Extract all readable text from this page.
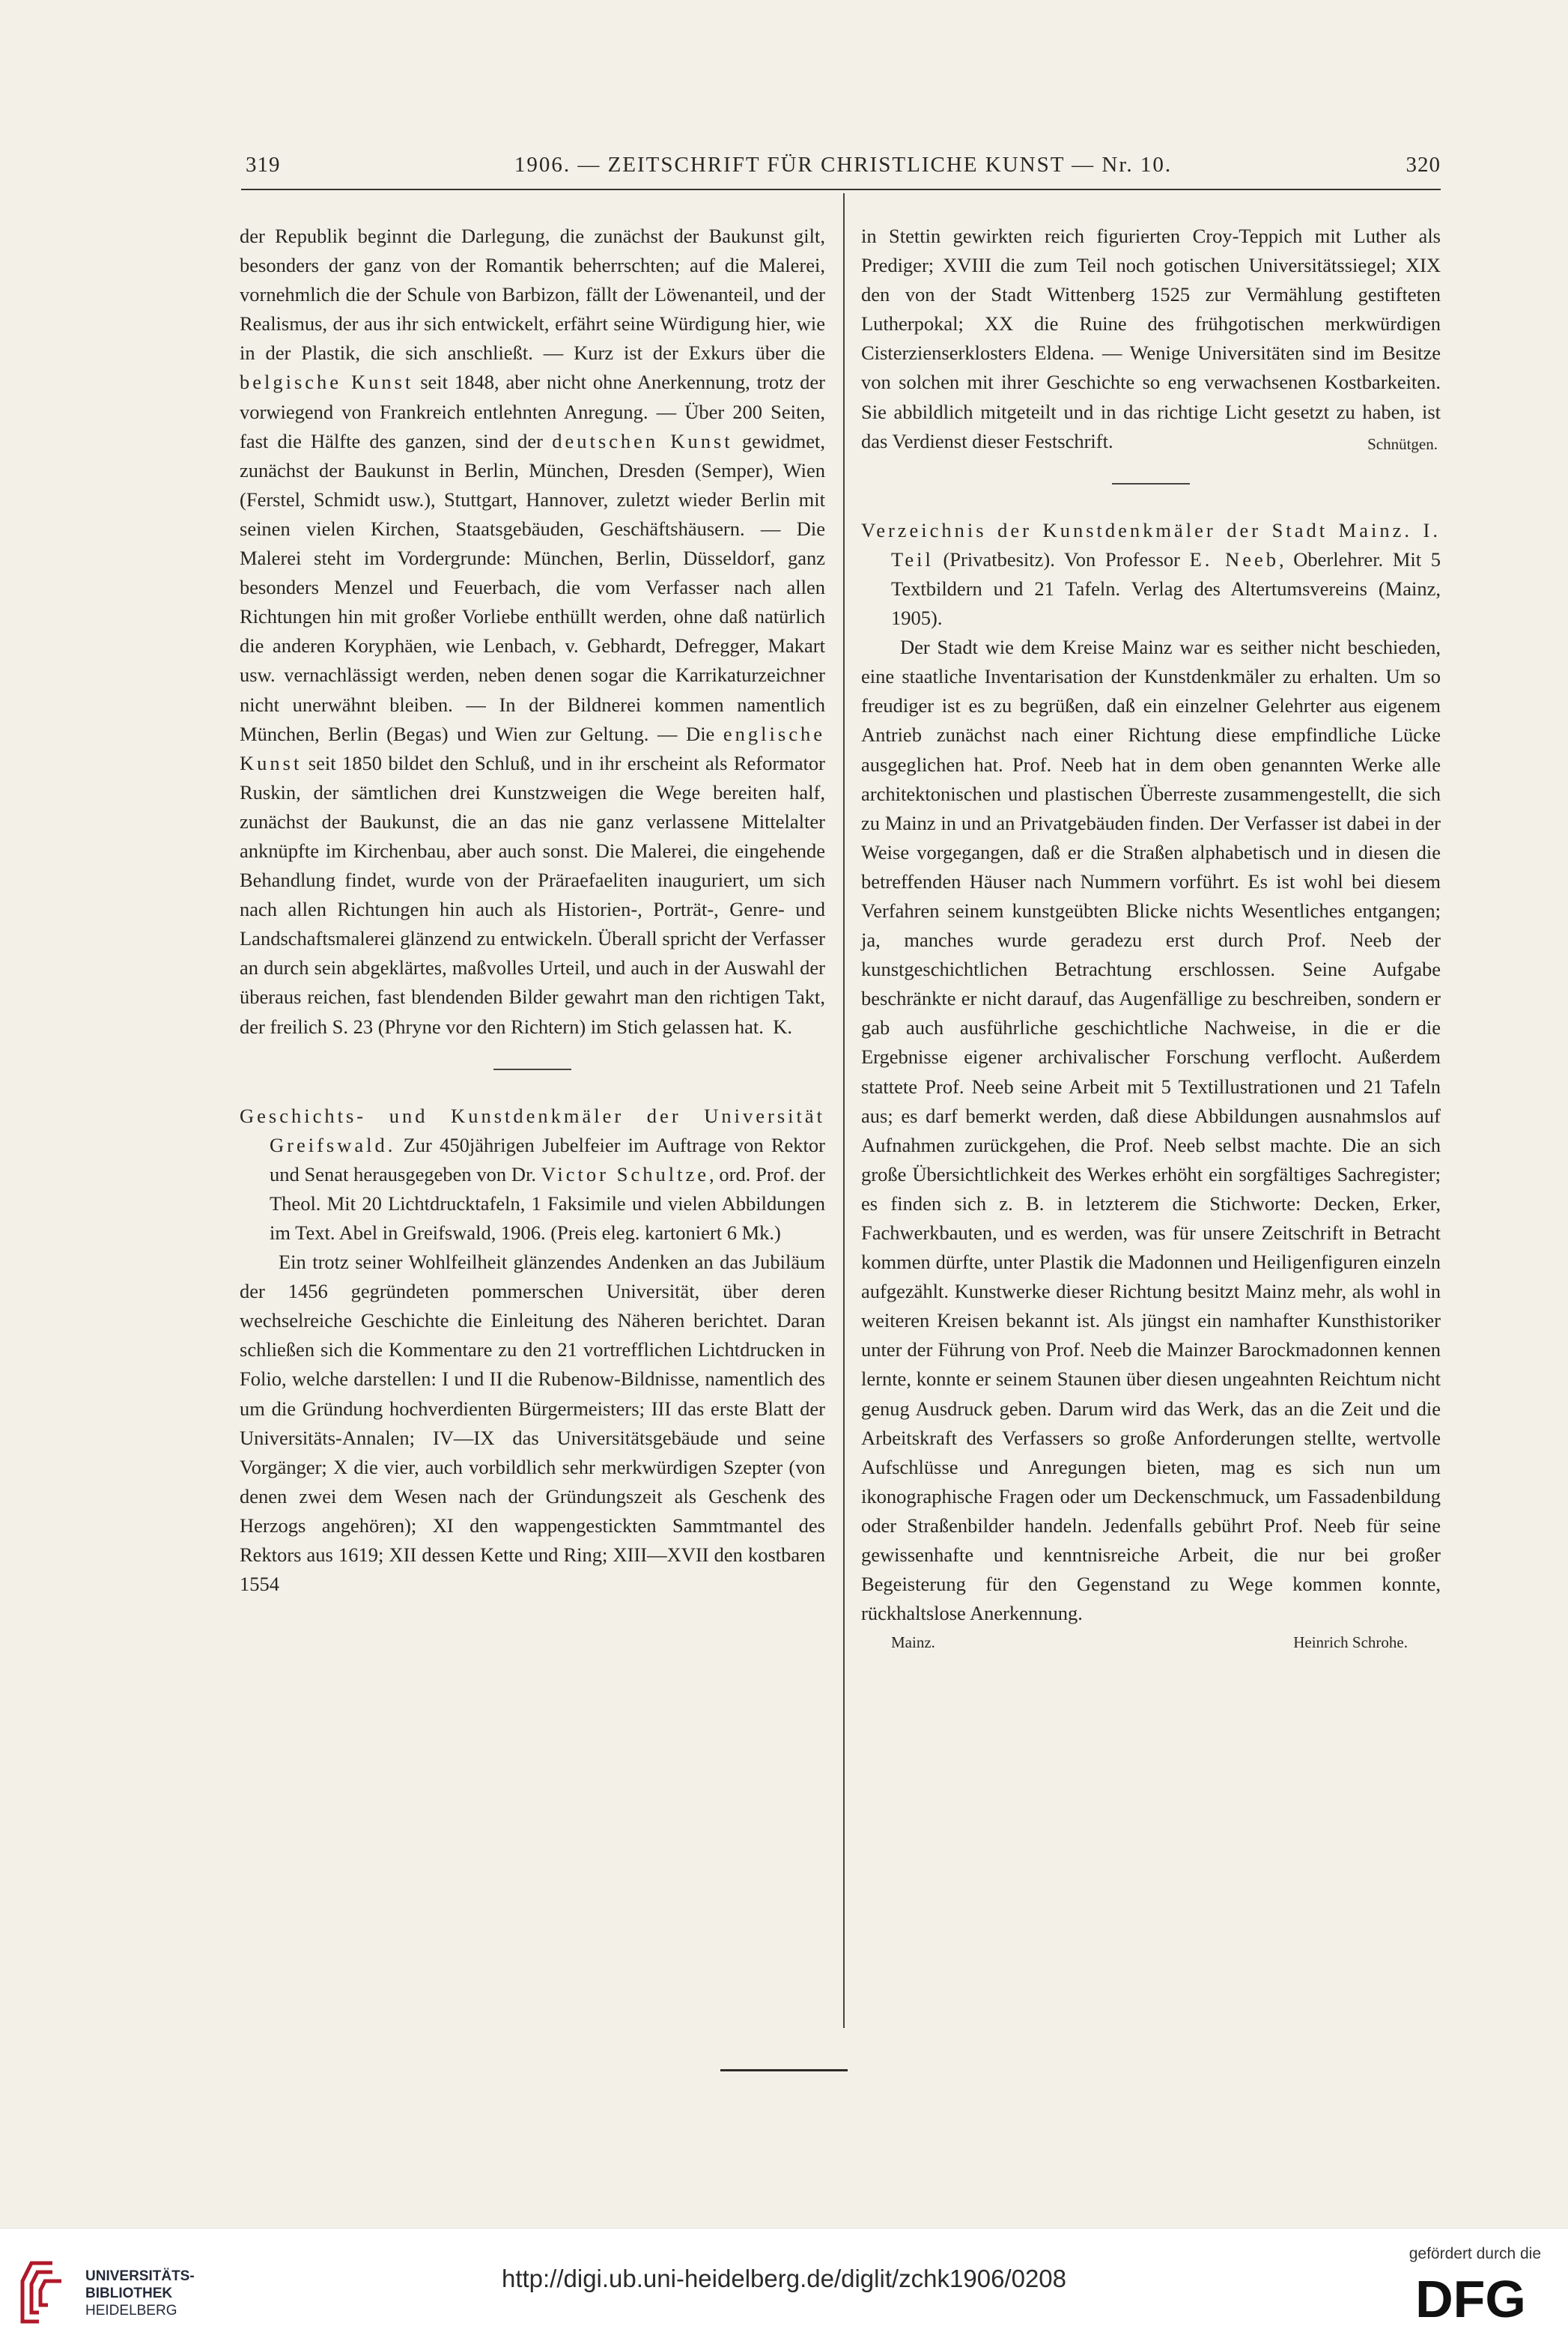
319	1906. — ZEITSCHRIFT FÜR CHRISTLICHE KUNST — Nr. 10.	320

der Republik beginnt die Darlegung, die zunächst der Baukunst gilt, besonders der ganz von der Romantik beherrschten; auf die Malerei, vornehmlich die der Schule von Barbizon, fällt der Löwenanteil, und der Realismus, der aus ihr sich entwickelt, erfährt seine Würdigung hier, wie in der Plastik, die sich anschließt. — Kurz ist der Exkurs über die belgische Kunst seit 1848, aber nicht ohne Anerkennung, trotz der vorwiegend von Frankreich entlehnten Anregung. — Über 200 Seiten, fast die Hälfte des ganzen, sind der deutschen Kunst gewidmet, zunächst der Baukunst in Berlin, München, Dresden (Semper), Wien (Ferstel, Schmidt usw.), Stuttgart, Hannover, zuletzt wieder Berlin mit seinen vielen Kirchen, Staatsgebäuden, Geschäftshäusern. — Die Malerei steht im Vordergrunde: München, Berlin, Düsseldorf, ganz besonders Menzel und Feuerbach, die vom Verfasser nach allen Richtungen hin mit großer Vorliebe enthüllt werden, ohne daß natürlich die anderen Koryphäen, wie Lenbach, v. Gebhardt, Defregger, Makart usw. vernachlässigt werden, neben denen sogar die Karrikaturzeichner nicht unerwähnt bleiben. — In der Bildnerei kommen namentlich München, Berlin (Begas) und Wien zur Geltung. — Die englische Kunst seit 1850 bildet den Schluß, und in ihr erscheint als Reformator Ruskin, der sämtlichen drei Kunstzweigen die Wege bereiten half, zunächst der Baukunst, die an das nie ganz verlassene Mittelalter anknüpfte im Kirchenbau, aber auch sonst. Die Malerei, die eingehende Behandlung findet, wurde von der Präraefaeliten inauguriert, um sich nach allen Richtungen hin auch als Historien-, Porträt-, Genre- und Landschaftsmalerei glänzend zu entwickeln. Überall spricht der Verfasser an durch sein abgeklärtes, maßvolles Urteil, und auch in der Auswahl der überaus reichen, fast blendenden Bilder gewahrt man den richtigen Takt, der freilich S. 23 (Phryne vor den Richtern) im Stich gelassen hat. K.

Geschichts- und Kunstdenkmäler der Universität Greifswald. Zur 450jährigen Jubelfeier im Auftrage von Rektor und Senat herausgegeben von Dr. Victor Schultze, ord. Prof. der Theol. Mit 20 Lichtdrucktafeln, 1 Faksimile und vielen Abbildungen im Text. Abel in Greifswald, 1906. (Preis eleg. kartoniert 6 Mk.)

Ein trotz seiner Wohlfeilheit glänzendes Andenken an das Jubiläum der 1456 gegründeten pommerschen Universität, über deren wechselreiche Geschichte die Einleitung des Näheren berichtet. Daran schließen sich die Kommentare zu den 21 vortrefflichen Lichtdrucken in Folio, welche darstellen: I und II die Rubenow-Bildnisse, namentlich des um die Gründung hochverdienten Bürgermeisters; III das erste Blatt der Universitäts-Annalen; IV—IX das Universitätsgebäude und seine Vorgänger; X die vier, auch vorbildlich sehr merkwürdigen Szepter (von denen zwei dem Wesen nach der Gründungszeit als Geschenk des Herzogs angehören); XI den wappengestickten Sammtmantel des Rektors aus 1619; XII dessen Kette und Ring; XIII—XVII den kostbaren 1554

in Stettin gewirkten reich figurierten Croy-Teppich mit Luther als Prediger; XVIII die zum Teil noch gotischen Universitätssiegel; XIX den von der Stadt Wittenberg 1525 zur Vermählung gestifteten Lutherpokal; XX die Ruine des frühgotischen merkwürdigen Cisterzienserklosters Eldena. — Wenige Universitäten sind im Besitze von solchen mit ihrer Geschichte so eng verwachsenen Kostbarkeiten. Sie abbildlich mitgeteilt und in das richtige Licht gesetzt zu haben, ist das Verdienst dieser Festschrift.	Schnütgen.

Verzeichnis der Kunstdenkmäler der Stadt Mainz. I. Teil (Privatbesitz). Von Professor E. Neeb, Oberlehrer. Mit 5 Textbildern und 21 Tafeln. Verlag des Altertumsvereins (Mainz, 1905).

Der Stadt wie dem Kreise Mainz war es seither nicht beschieden, eine staatliche Inventarisation der Kunstdenkmäler zu erhalten. Um so freudiger ist es zu begrüßen, daß ein einzelner Gelehrter aus eigenem Antrieb zunächst nach einer Richtung diese empfindliche Lücke ausgeglichen hat. Prof. Neeb hat in dem oben genannten Werke alle architektonischen und plastischen Überreste zusammengestellt, die sich zu Mainz in und an Privatgebäuden finden. Der Verfasser ist dabei in der Weise vorgegangen, daß er die Straßen alphabetisch und in diesen die betreffenden Häuser nach Nummern vorführt. Es ist wohl bei diesem Verfahren seinem kunstgeübten Blicke nichts Wesentliches entgangen; ja, manches wurde geradezu erst durch Prof. Neeb der kunstgeschichtlichen Betrachtung erschlossen. Seine Aufgabe beschränkte er nicht darauf, das Augenfällige zu beschreiben, sondern er gab auch ausführliche geschichtliche Nachweise, in die er die Ergebnisse eigener archivalischer Forschung verflocht. Außerdem stattete Prof. Neeb seine Arbeit mit 5 Textillustrationen und 21 Tafeln aus; es darf bemerkt werden, daß diese Abbildungen ausnahmslos auf Aufnahmen zurückgehen, die Prof. Neeb selbst machte. Die an sich große Übersichtlichkeit des Werkes erhöht ein sorgfältiges Sachregister; es finden sich z. B. in letzterem die Stichworte: Decken, Erker, Fachwerkbauten, und es werden, was für unsere Zeitschrift in Betracht kommen dürfte, unter Plastik die Madonnen und Heiligenfiguren einzeln aufgezählt. Kunstwerke dieser Richtung besitzt Mainz mehr, als wohl in weiteren Kreisen bekannt ist. Als jüngst ein namhafter Kunsthistoriker unter der Führung von Prof. Neeb die Mainzer Barockmadonnen kennen lernte, konnte er seinem Staunen über diesen ungeahnten Reichtum nicht genug Ausdruck geben. Darum wird das Werk, das an die Zeit und die Arbeitskraft des Verfassers so große Anforderungen stellte, wertvolle Aufschlüsse und Anregungen bieten, mag es sich nun um ikonographische Fragen oder um Deckenschmuck, um Fassadenbildung oder Straßenbilder handeln. Jedenfalls gebührt Prof. Neeb für seine gewissenhafte und kenntnisreiche Arbeit, die nur bei großer Begeisterung für den Gegenstand zu Wege kommen konnte, rückhaltslose Anerkennung.

Mainz.	Heinrich Schrohe.
UNIVERSITÄTS-
BIBLIOTHEK
HEIDELBERG
http://digi.ub.uni-heidelberg.de/diglit/zchk1906/0208
gefördert durch die
DFG
